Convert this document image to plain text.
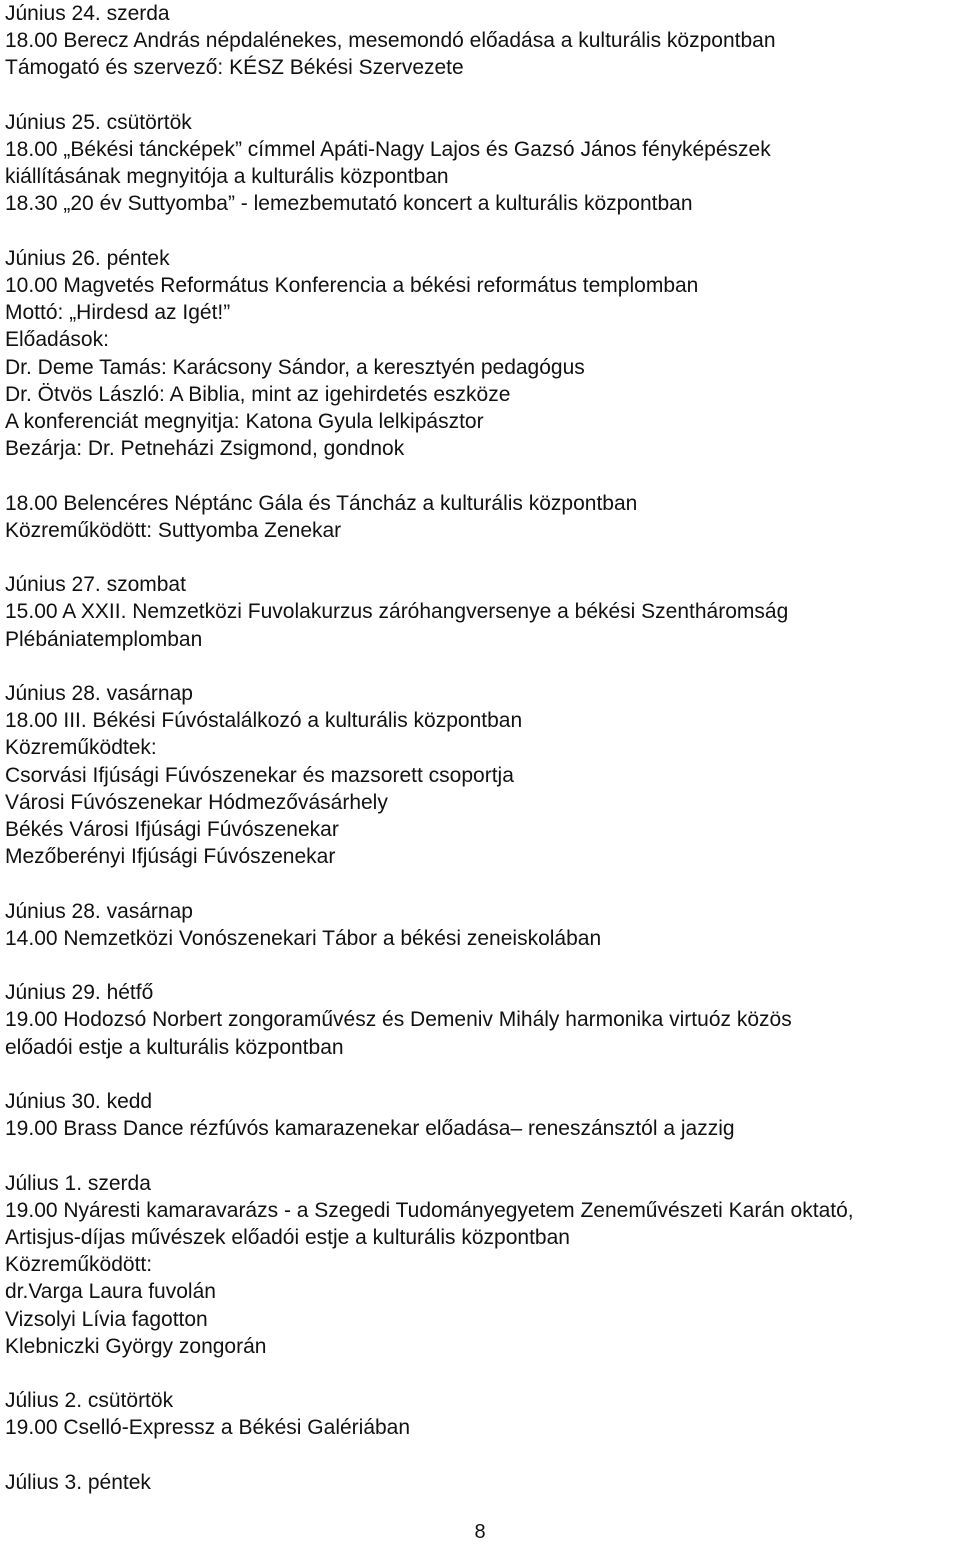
Június 24. szerda
18.00 Berecz András népdalénekes, mesemondó előadása a kulturális központban
Támogató és szervező: KÉSZ Békési Szervezete
Június 25. csütörtök
18.00 „Békési táncképek” címmel Apáti-Nagy Lajos és Gazsó János fényképészek
kiállításának megnyitója a kulturális központban
18.30 „20 év Suttyomba” - lemezbemutató koncert a kulturális központban
Június 26. péntek
10.00 Magvetés Református Konferencia a békési református templomban
Mottó: „Hirdesd az Igét!”
Előadások:
Dr. Deme Tamás: Karácsony Sándor, a keresztyén pedagógus
Dr. Ötvös László: A Biblia, mint az igehirdetés eszköze
A konferenciát megnyitja: Katona Gyula lelkipásztor
Bezárja: Dr. Petneházi Zsigmond, gondnok
18.00 Belencéres Néptánc Gála és Táncház a kulturális központban
Közreműködött: Suttyomba Zenekar
Június 27. szombat
15.00 A XXII. Nemzetközi Fuvolakurzus záróhangversenye a békési Szentháromság
Plébániatemplomban
Június 28. vasárnap
18.00 III. Békési Fúvóstalálkozó a kulturális központban
Közreműködtek:
Csorvási Ifjúsági Fúvószenekar és mazsorett csoportja
Városi Fúvószenekar Hódmezővásárhely
Békés Városi Ifjúsági Fúvószenekar
Mezőberényi Ifjúsági Fúvószenekar
Június 28. vasárnap
14.00 Nemzetközi Vonószenekari Tábor a békési zeneiskolában
Június 29. hétfő
19.00 Hodozsó Norbert zongoraművész és Demeniv Mihály harmonika virtuóz közös
előadói estje a kulturális központban
Június 30. kedd
19.00 Brass Dance rézfúvós kamarazenekar előadása– reneszánsztól a jazzig
Július 1. szerda
19.00 Nyáresti kamaravarázs - a Szegedi Tudományegyetem Zeneművészeti Karán oktató,
Artisjus-díjas művészek előadói estje a kulturális központban
Közreműködött:
dr.Varga Laura fuvolán
Vizsolyi Lívia fagotton
Klebniczki György zongorán
Július 2. csütörtök
19.00 Cselló-Expressz a Békési Galériában
Július 3. péntek
8
